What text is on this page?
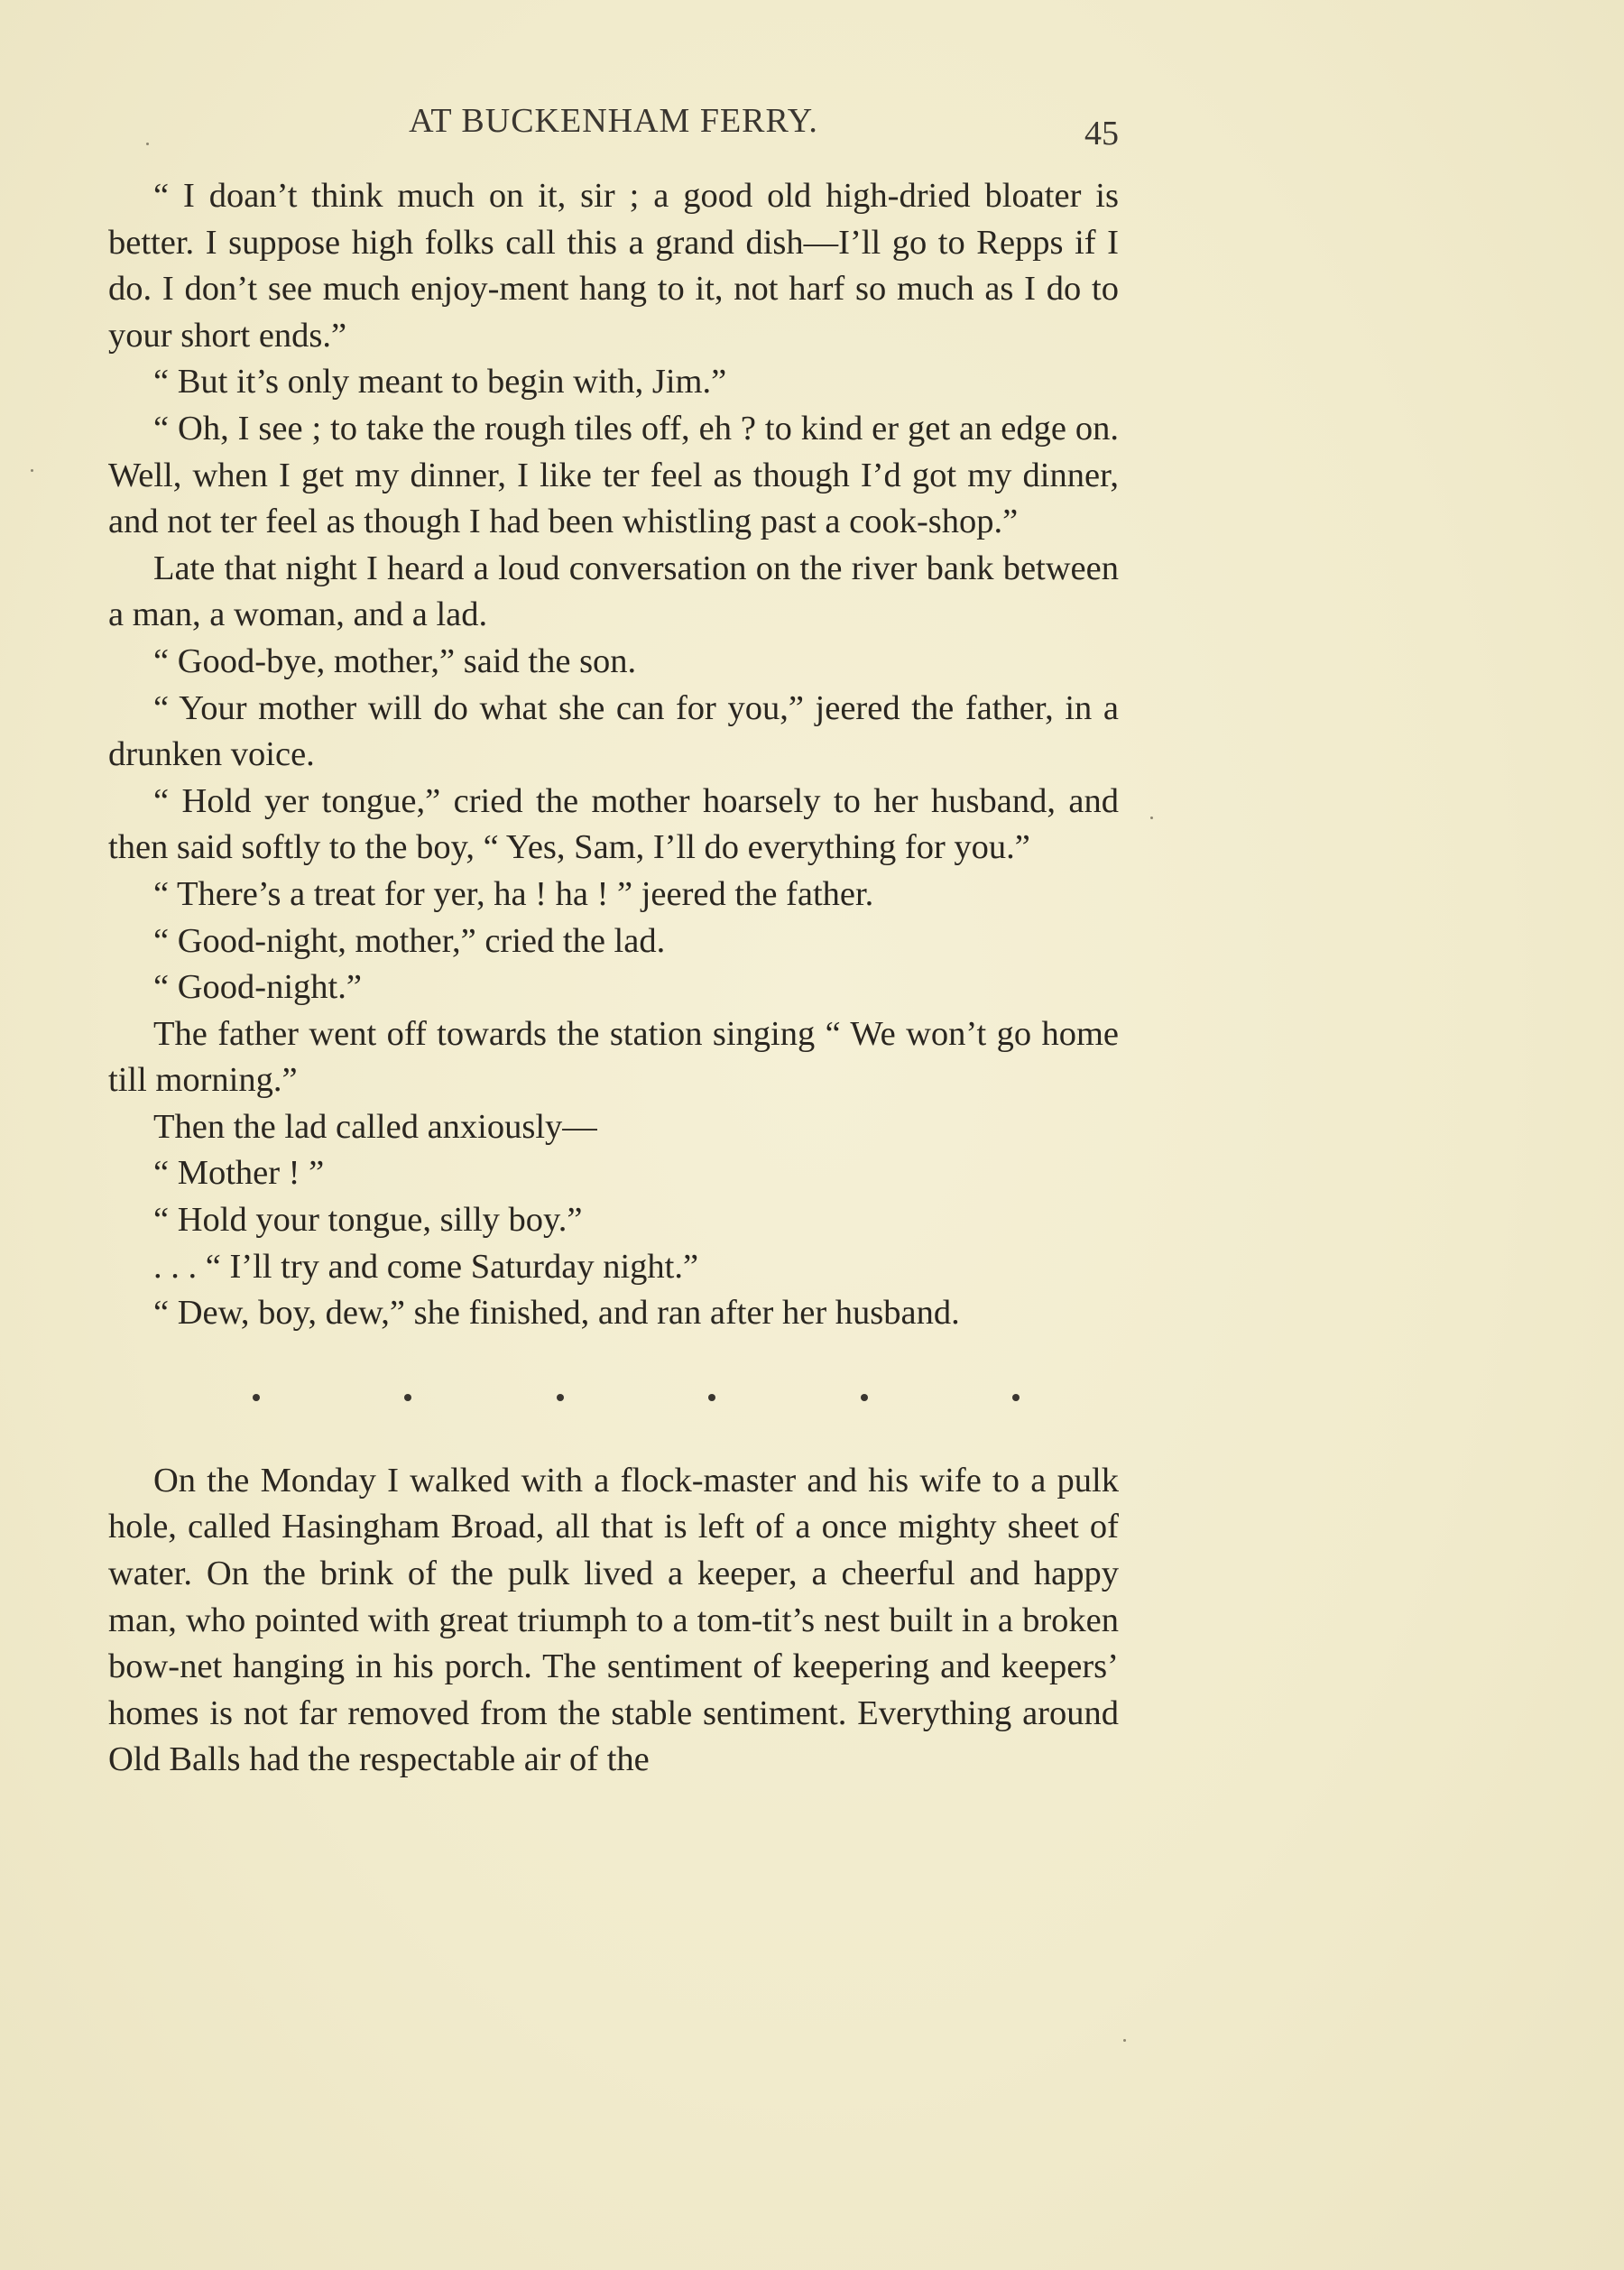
AT BUCKENHAM FERRY.	45

“ I doan’t think much on it, sir ; a good old high-dried bloater is better. I suppose high folks call this a grand dish—I’ll go to Repps if I do. I don’t see much enjoy-ment hang to it, not harf so much as I do to your short ends.”

“ But it’s only meant to begin with, Jim.”

“ Oh, I see ; to take the rough tiles off, eh ? to kind er get an edge on. Well, when I get my dinner, I like ter feel as though I’d got my dinner, and not ter feel as though I had been whistling past a cook-shop.”

Late that night I heard a loud conversation on the river bank between a man, a woman, and a lad.

“ Good-bye, mother,” said the son.

“ Your mother will do what she can for you,” jeered the father, in a drunken voice.

“ Hold yer tongue,” cried the mother hoarsely to her husband, and then said softly to the boy, “ Yes, Sam, I’ll do everything for you.”

“ There’s a treat for yer, ha ! ha ! ” jeered the father.

“ Good-night, mother,” cried the lad.

“ Good-night.”

The father went off towards the station singing “ We won’t go home till morning.”

Then the lad called anxiously—

“ Mother ! ”

“ Hold your tongue, silly boy.”

. . . “ I’ll try and come Saturday night.”

“ Dew, boy, dew,” she finished, and ran after her husband.

On the Monday I walked with a flock-master and his wife to a pulk hole, called Hasingham Broad, all that is left of a once mighty sheet of water. On the brink of the pulk lived a keeper, a cheerful and happy man, who pointed with great triumph to a tom-tit’s nest built in a broken bow-net hanging in his porch. The sentiment of keepering and keepers’ homes is not far removed from the stable sentiment. Everything around Old Balls had the respectable air of the
